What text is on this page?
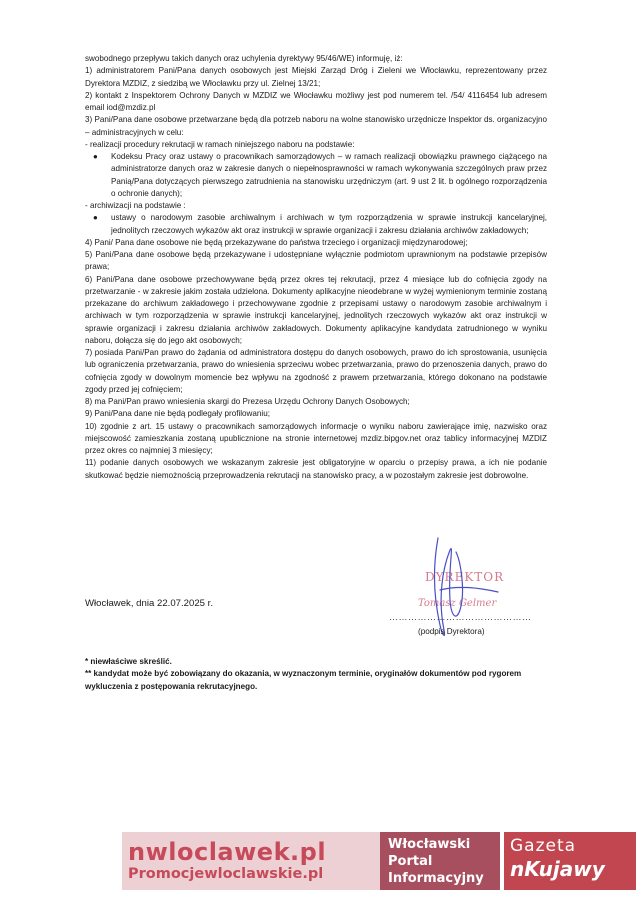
swobodnego przepływu takich danych oraz uchylenia dyrektywy 95/46/WE) informuję, iż:

1) administratorem Pani/Pana danych osobowych jest Miejski Zarząd Dróg i Zieleni we Włocławku, reprezentowany przez Dyrektora MZDIZ, z siedzibą we Włocławku przy ul. Zielnej 13/21;

2) kontakt z Inspektorem Ochrony Danych w MZDIZ we Włocławku możliwy jest pod numerem tel. /54/ 4116454 lub adresem email iod@mzdiz.pl

3) Pani/Pana dane osobowe przetwarzane będą dla potrzeb naboru na wolne stanowisko urzędnicze Inspektor ds. organizacyjno – administracyjnych w celu:

- realizacji procedury rekrutacji w ramach niniejszego naboru na podstawie:

● Kodeksu Pracy oraz ustawy o pracownikach samorządowych – w ramach realizacji obowiązku prawnego ciążącego na administratorze danych oraz w zakresie danych o niepełnosprawności w ramach wykonywania szczególnych praw przez Panią/Pana dotyczących pierwszego zatrudnienia na stanowisku urzędniczym (art. 9 ust 2 lit. b ogólnego rozporządzenia o ochronie danych);

- archiwizacji na podstawie :

● ustawy o narodowym zasobie archiwalnym i archiwach w tym rozporządzenia w sprawie instrukcji kancelaryjnej, jednolitych rzeczowych wykazów akt oraz instrukcji w sprawie organizacji i zakresu działania archiwów zakładowych;

4) Pani/ Pana dane osobowe nie będą przekazywane do państwa trzeciego i organizacji międzynarodowej;

5) Pani/Pana dane osobowe będą przekazywane i udostępniane wyłącznie podmiotom uprawnionym na podstawie przepisów prawa;

6) Pani/Pana dane osobowe przechowywane będą przez okres tej rekrutacji, przez 4 miesiące lub do cofnięcia zgody na przetwarzanie - w zakresie jakim została udzielona. Dokumenty aplikacyjne nieodebrane w wyżej wymienionym terminie zostaną przekazane do archiwum zakładowego i przechowywane zgodnie z przepisami ustawy o narodowym zasobie archiwalnym i archiwach w tym rozporządzenia w sprawie instrukcji kancelaryjnej, jednolitych rzeczowych wykazów akt oraz instrukcji w sprawie organizacji i zakresu działania archiwów zakładowych. Dokumenty aplikacyjne kandydata zatrudnionego w wyniku naboru, dołącza się do jego akt osobowych;

7) posiada Pani/Pan prawo do żądania od administratora dostępu do danych osobowych, prawo do ich sprostowania, usunięcia lub ograniczenia przetwarzania, prawo do wniesienia sprzeciwu wobec przetwarzania, prawo do przenoszenia danych, prawo do cofnięcia zgody w dowolnym momencie bez wpływu na zgodność z prawem przetwarzania, którego dokonano na podstawie zgody przed jej cofnięciem;

8) ma Pani/Pan prawo wniesienia skargi do Prezesa Urzędu Ochrony Danych Osobowych;

9) Pani/Pana dane nie będą podlegały profilowaniu;

10) zgodnie z art. 15 ustawy o pracownikach samorządowych informacje o wyniku naboru zawierające imię, nazwisko oraz miejscowość zamieszkania zostaną upublicznione na stronie internetowej mzdiz.bipgov.net oraz tablicy informacyjnej MZDIZ przez okres co najmniej 3 miesięcy;

11) podanie danych osobowych we wskazanym zakresie jest obligatoryjne w oparciu o przepisy prawa, a ich nie podanie skutkować będzie niemożnością przeprowadzenia rekrutacji na stanowisko pracy, a w pozostałym zakresie jest dobrowolne.

Włocławek, dnia 22.07.2025 r.
DYREKTOR
Tomasz Gelmer
………………………………………
(podpis Dyrektora)

* niewłaściwe skreślić.

** kandydat może być zobowiązany do okazania, w wyznaczonym terminie, oryginałów dokumentów pod rygorem wykluczenia z postępowania rekrutacyjnego.

nwloclawek.pl
Promocjewloclawskie.pl
Włocławski
Portal
Informacyjny
Gazeta
nKujawy
